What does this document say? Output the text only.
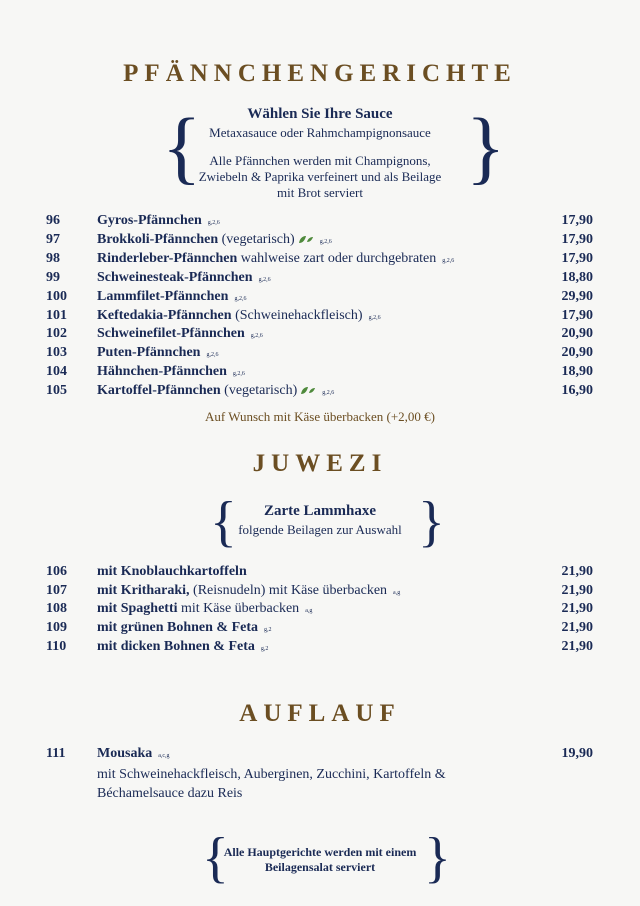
PFÄNNCHENGERICHTE
{	}
Wählen Sie Ihre Sauce
Metaxasauce oder Rahmchampignonsauce
Alle Pfännchen werden mit Champignons,
Zwiebeln & Paprika verfeinert und als Beilage
mit Brot serviert
96	Gyros-Pfännchen g,2,6	17,90
97	Brokkoli-Pfännchen (vegetarisch)	g,2,6	17,90
98	Rinderleber-Pfännchen wahlweise zart oder durchgebraten g,2,6	17,90
99	Schweinesteak-Pfännchen g,2,6	18,80
100 Lammfilet-Pfännchen g,2,6	29,90
101 Keftedakia-Pfännchen (Schweinehackfleisch) g,2,6	17,90
102 Schweinefilet-Pfännchen g,2,6	20,90
103 Puten-Pfännchen g,2,6	20,90
104 Hähnchen-Pfännchen g,2,6	18,90
105 Kartoffel-Pfännchen (vegetarisch)	g,2,6	16,90
Auf Wunsch mit Käse überbacken (+2,00 €)
JUWEZI
{	}
Zarte Lammhaxe
folgende Beilagen zur Auswahl
106 mit Knoblauchkartoffeln	21,90
107 mit Kritharaki, (Reisnudeln) mit Käse überbacken a,g	21,90
108 mit Spaghetti mit Käse überbacken a,g	21,90
109 mit grünen Bohnen & Feta g,2	21,90
110 mit dicken Bohnen & Feta g,2	21,90
AUFLAUF
111 Mousaka a,c,g	19,90
mit Schweinehackfleisch, Auberginen, Zucchini, Kartoffeln &
Béchamelsauce dazu Reis
{	}
Alle Hauptgerichte werden mit einem
Beilagensalat serviert
